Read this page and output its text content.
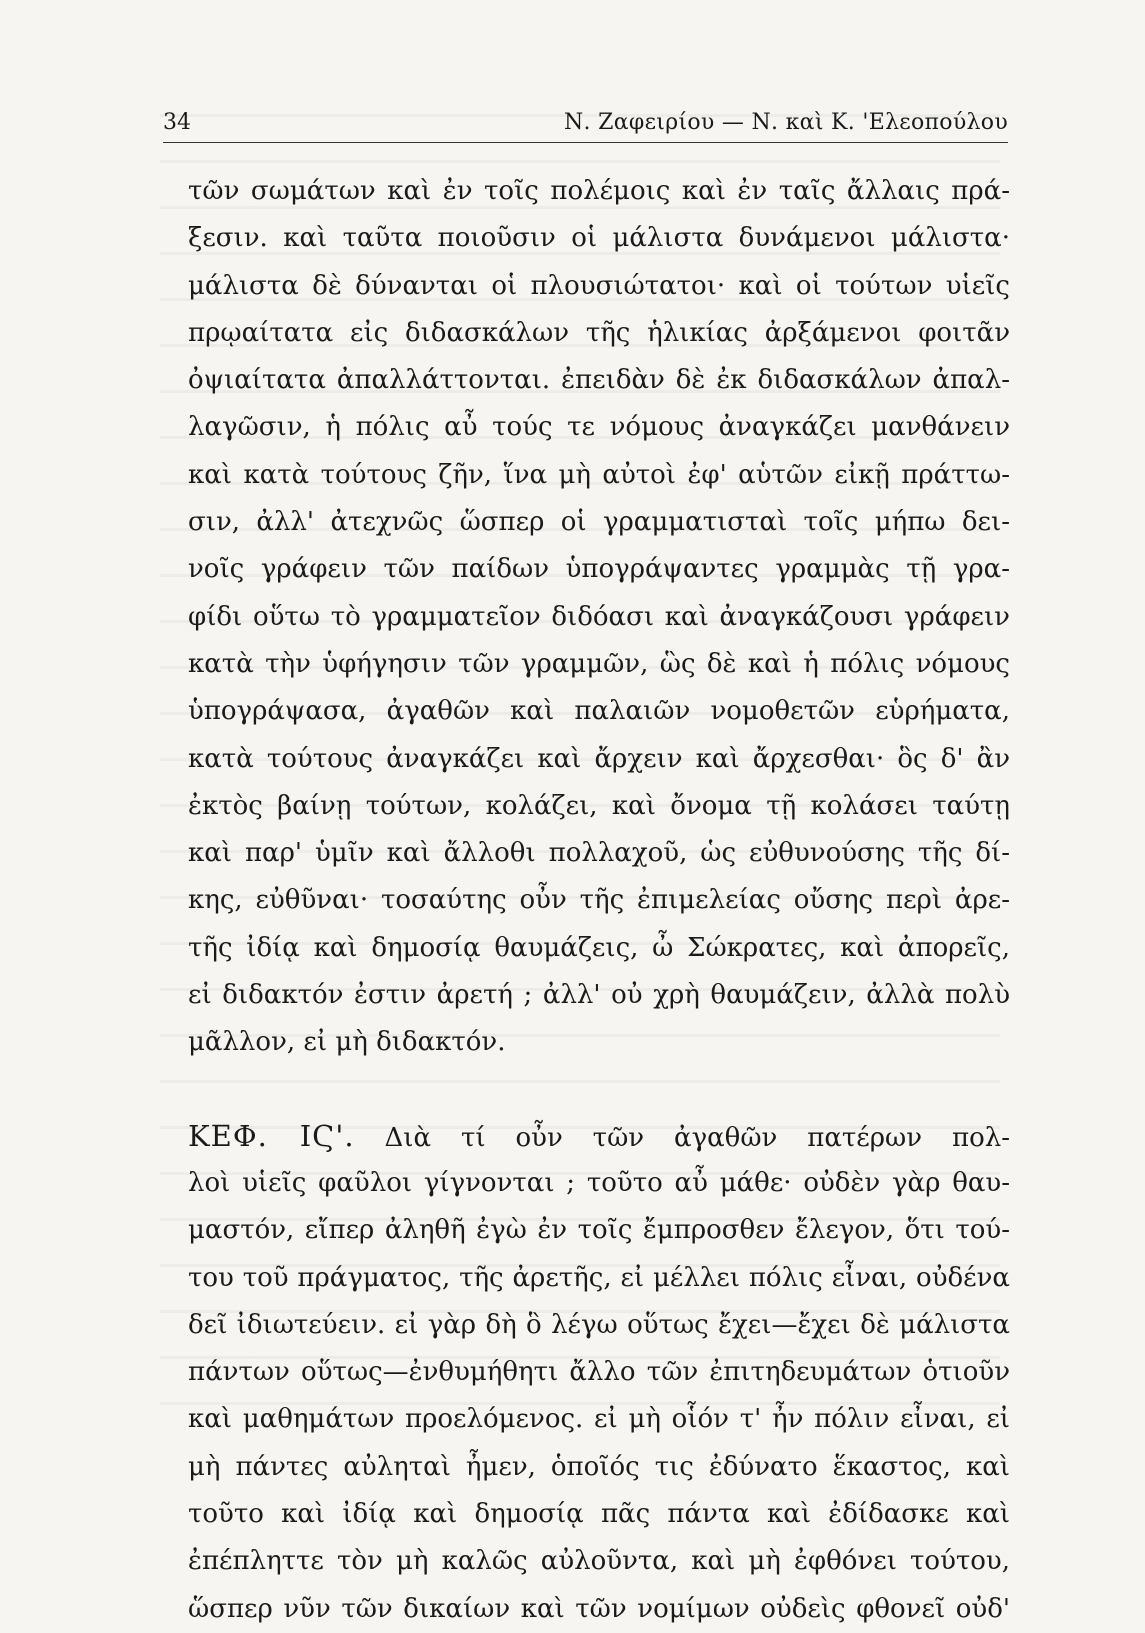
34	Ν. Ζαφειρίου — Ν. καὶ Κ. 'Ελεοπούλου
τῶν σωμάτων καὶ ἐν τοῖς πολέμοις καὶ ἐν ταῖς ἄλλαις πρά-
ξεσιν. καὶ ταῦτα ποιοῦσιν οἱ μάλιστα δυνάμενοι μάλιστα·
μάλιστα δὲ δύνανται οἱ πλουσιώτατοι· καὶ οἱ τούτων υἱεῖς
πρῳαίτατα εἰς διδασκάλων τῆς ἡλικίας ἀρξάμενοι φοιτᾶν
ὀψιαίτατα ἀπαλλάττονται. ἐπειδὰν δὲ ἐκ διδασκάλων ἀπαλ-
λαγῶσιν, ἡ πόλις αὖ τούς τε νόμους ἀναγκάζει μανθάνειν
καὶ κατὰ τούτους ζῆν, ἵνα μὴ αὐτοὶ ἐφ' αὑτῶν εἰκῇ πράττω-
σιν, ἀλλ' ἀτεχνῶς ὥσπερ οἱ γραμματισταὶ τοῖς μήπω δει-
νοῖς γράφειν τῶν παίδων ὑπογράψαντες γραμμὰς τῇ γρα-
φίδι οὕτω τὸ γραμματεῖον διδόασι καὶ ἀναγκάζουσι γράφειν
κατὰ τὴν ὑφήγησιν τῶν γραμμῶν, ὣς δὲ καὶ ἡ πόλις νόμους
ὑπογράψασα, ἀγαθῶν καὶ παλαιῶν νομοθετῶν εὑρήματα,
κατὰ τούτους ἀναγκάζει καὶ ἄρχειν καὶ ἄρχεσθαι· ὃς δ' ἂν
ἐκτὸς βαίνῃ τούτων, κολάζει, καὶ ὄνομα τῇ κολάσει ταύτῃ
καὶ παρ' ὑμῖν καὶ ἄλλοθι πολλαχοῦ, ὡς εὐθυνούσης τῆς δί-
κης, εὐθῦναι· τοσαύτης οὖν τῆς ἐπιμελείας οὔσης περὶ ἀρε-
τῆς ἰδίᾳ καὶ δημοσίᾳ θαυμάζεις, ὦ Σώκρατες, καὶ ἀπορεῖς,
εἰ διδακτόν ἐστιν ἀρετή ; ἀλλ' οὐ χρὴ θαυμάζειν, ἀλλὰ πολὺ
μᾶλλον, εἰ μὴ διδακτόν.
ΚΕΦ. ΙϚ'. Διὰ τί οὖν τῶν ἀγαθῶν πατέρων πολ-
λοὶ υἱεῖς φαῦλοι γίγνονται ; τοῦτο αὖ μάθε· οὐδὲν γὰρ θαυ-
μαστόν, εἴπερ ἀληθῆ ἐγὼ ἐν τοῖς ἔμπροσθεν ἔλεγον, ὅτι τού-
του τοῦ πράγματος, τῆς ἀρετῆς, εἰ μέλλει πόλις εἶναι, οὐδένα
δεῖ ἰδιωτεύειν. εἰ γὰρ δὴ ὃ λέγω οὕτως ἔχει—ἔχει δὲ μάλιστα
πάντων οὕτως—ἐνθυμήθητι ἄλλο τῶν ἐπιτηδευμάτων ὁτιοῦν
καὶ μαθημάτων προελόμενος. εἰ μὴ οἷόν τ' ἦν πόλιν εἶναι, εἰ
μὴ πάντες αὐληταὶ ἦμεν, ὁποῖός τις ἐδύνατο ἕκαστος, καὶ
τοῦτο καὶ ἰδίᾳ καὶ δημοσίᾳ πᾶς πάντα καὶ ἐδίδασκε καὶ
ἐπέπληττε τὸν μὴ καλῶς αὐλοῦντα, καὶ μὴ ἐφθόνει τούτου,
ὥσπερ νῦν τῶν δικαίων καὶ τῶν νομίμων οὐδεὶς φθονεῖ οὐδ'
